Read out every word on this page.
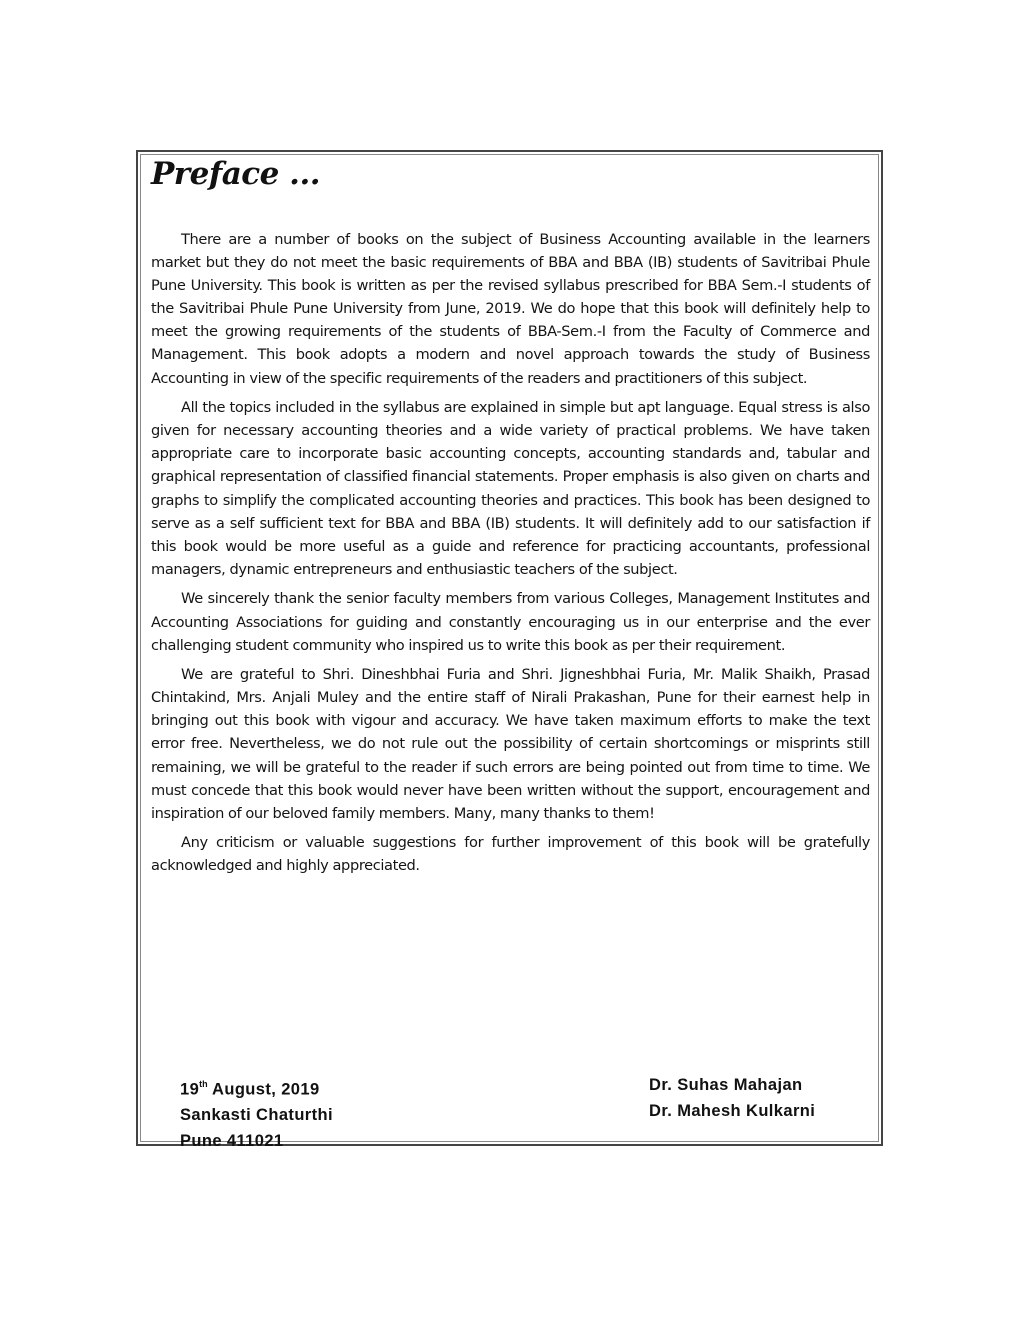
Preface ...

There are a number of books on the subject of Business Accounting available in the learners market but they do not meet the basic requirements of BBA and BBA (IB) students of Savitribai Phule Pune University. This book is written as per the revised syllabus prescribed for BBA Sem.-I students of the Savitribai Phule Pune University from June, 2019. We do hope that this book will definitely help to meet the growing requirements of the students of BBA-Sem.-I from the Faculty of Commerce and Management. This book adopts a modern and novel approach towards the study of Business Accounting in view of the specific requirements of the readers and practitioners of this subject.

All the topics included in the syllabus are explained in simple but apt language. Equal stress is also given for necessary accounting theories and a wide variety of practical problems. We have taken appropriate care to incorporate basic accounting concepts, accounting standards and, tabular and graphical representation of classified financial statements. Proper emphasis is also given on charts and graphs to simplify the complicated accounting theories and practices. This book has been designed to serve as a self sufficient text for BBA and BBA (IB) students. It will definitely add to our satisfaction if this book would be more useful as a guide and reference for practicing accountants, professional managers, dynamic entrepreneurs and enthusiastic teachers of the subject.

We sincerely thank the senior faculty members from various Colleges, Management Institutes and Accounting Associations for guiding and constantly encouraging us in our enterprise and the ever challenging student community who inspired us to write this book as per their requirement.

We are grateful to Shri. Dineshbhai Furia and Shri. Jigneshbhai Furia, Mr. Malik Shaikh, Prasad Chintakind, Mrs. Anjali Muley and the entire staff of Nirali Prakashan, Pune for their earnest help in bringing out this book with vigour and accuracy. We have taken maximum efforts to make the text error free. Nevertheless, we do not rule out the possibility of certain shortcomings or misprints still remaining, we will be grateful to the reader if such errors are being pointed out from time to time. We must concede that this book would never have been written without the support, encouragement and inspiration of our beloved family members. Many, many thanks to them!

Any criticism or valuable suggestions for further improvement of this book will be gratefully acknowledged and highly appreciated.

19th August, 2019
Sankasti Chaturthi
Pune 411021
Dr. Suhas Mahajan
Dr. Mahesh Kulkarni
